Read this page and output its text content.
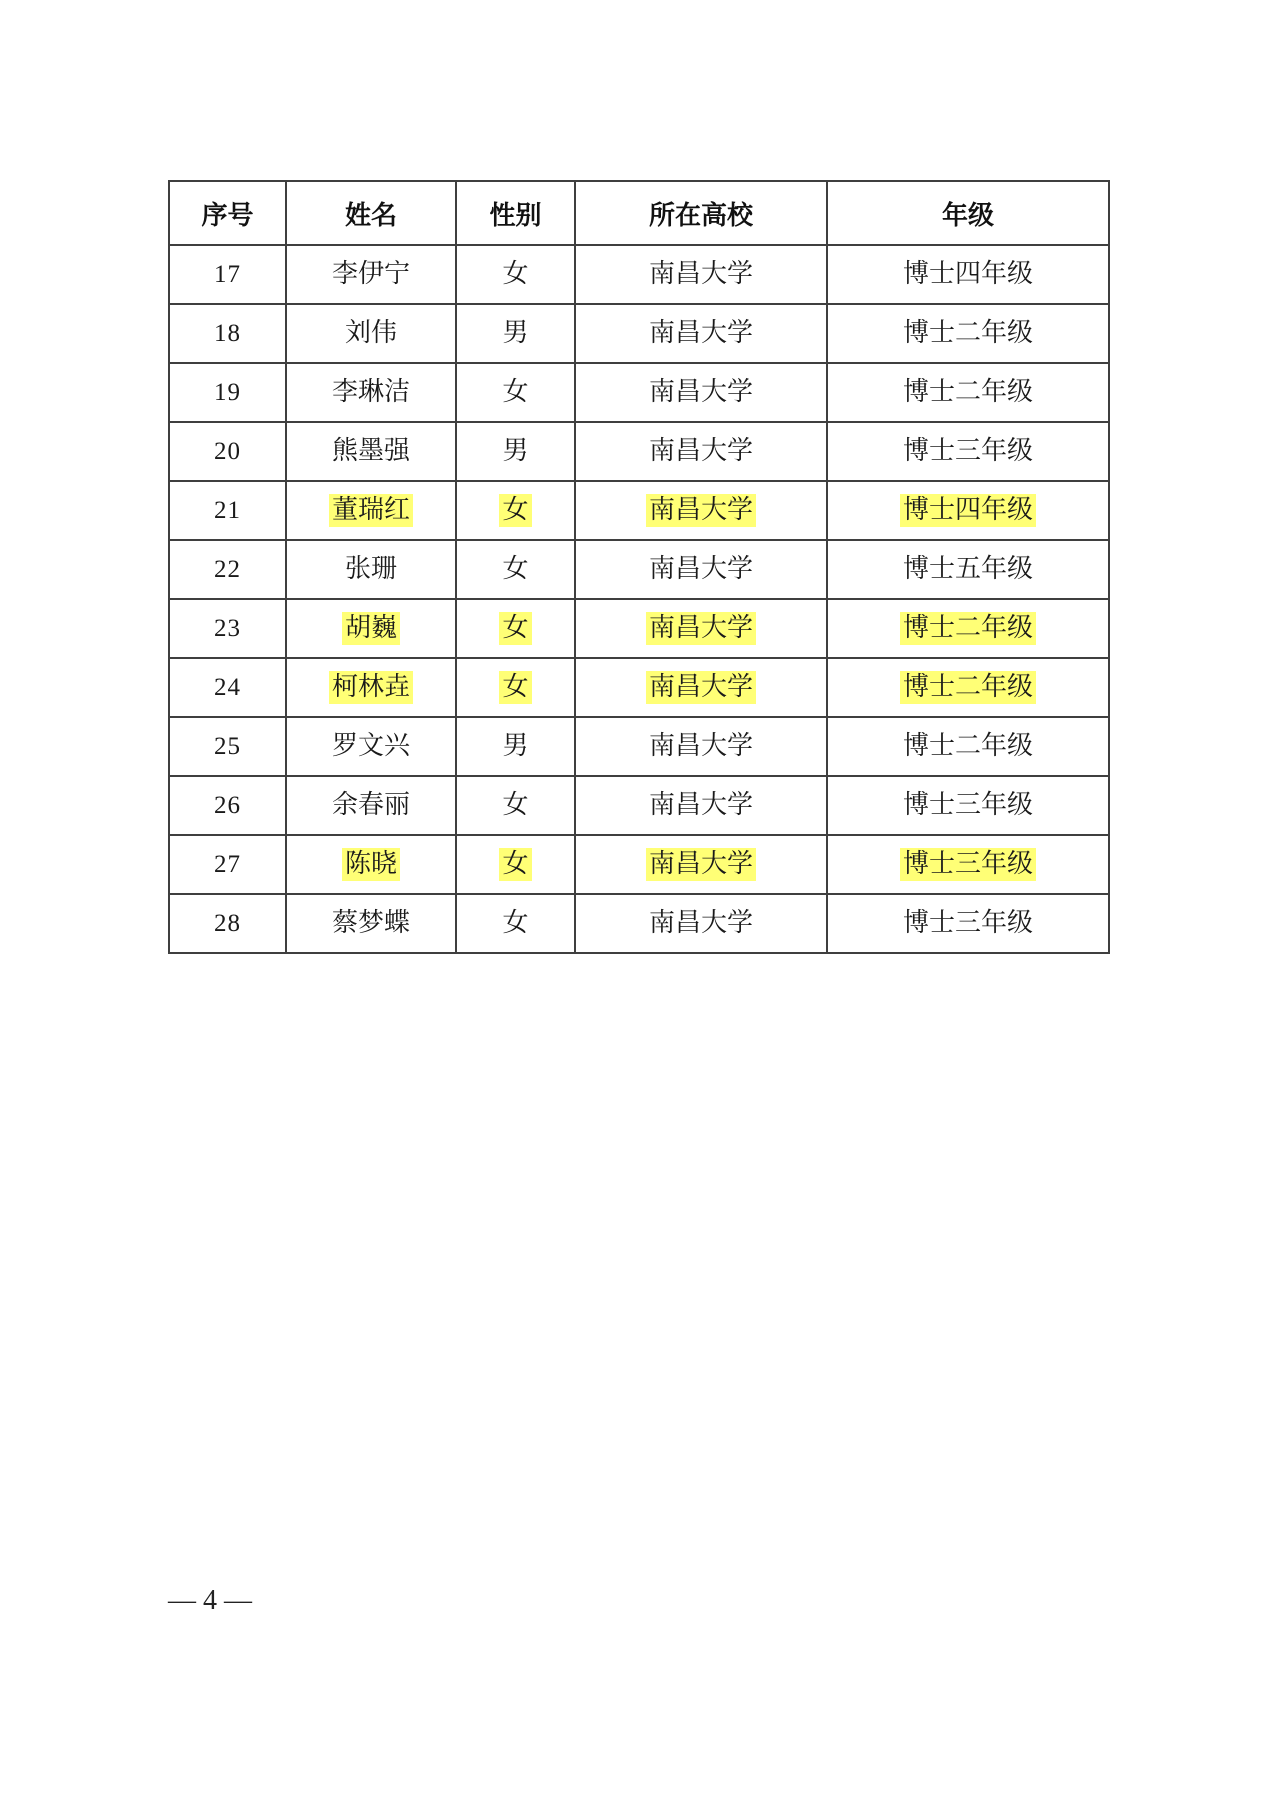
序号	姓名	性别	所在高校	年级
17	李伊宁	女	南昌大学	博士四年级
18	刘伟	男	南昌大学	博士二年级
19	李琳洁	女	南昌大学	博士二年级
20	熊墨强	男	南昌大学	博士三年级
21	董瑞红	女	南昌大学	博士四年级
22	张珊	女	南昌大学	博士五年级
23	胡巍	女	南昌大学	博士二年级
24	柯林垚	女	南昌大学	博士二年级
25	罗文兴	男	南昌大学	博士二年级
26	余春丽	女	南昌大学	博士三年级
27	陈晓	女	南昌大学	博士三年级
28	蔡梦蝶	女	南昌大学	博士三年级
— 4 —
